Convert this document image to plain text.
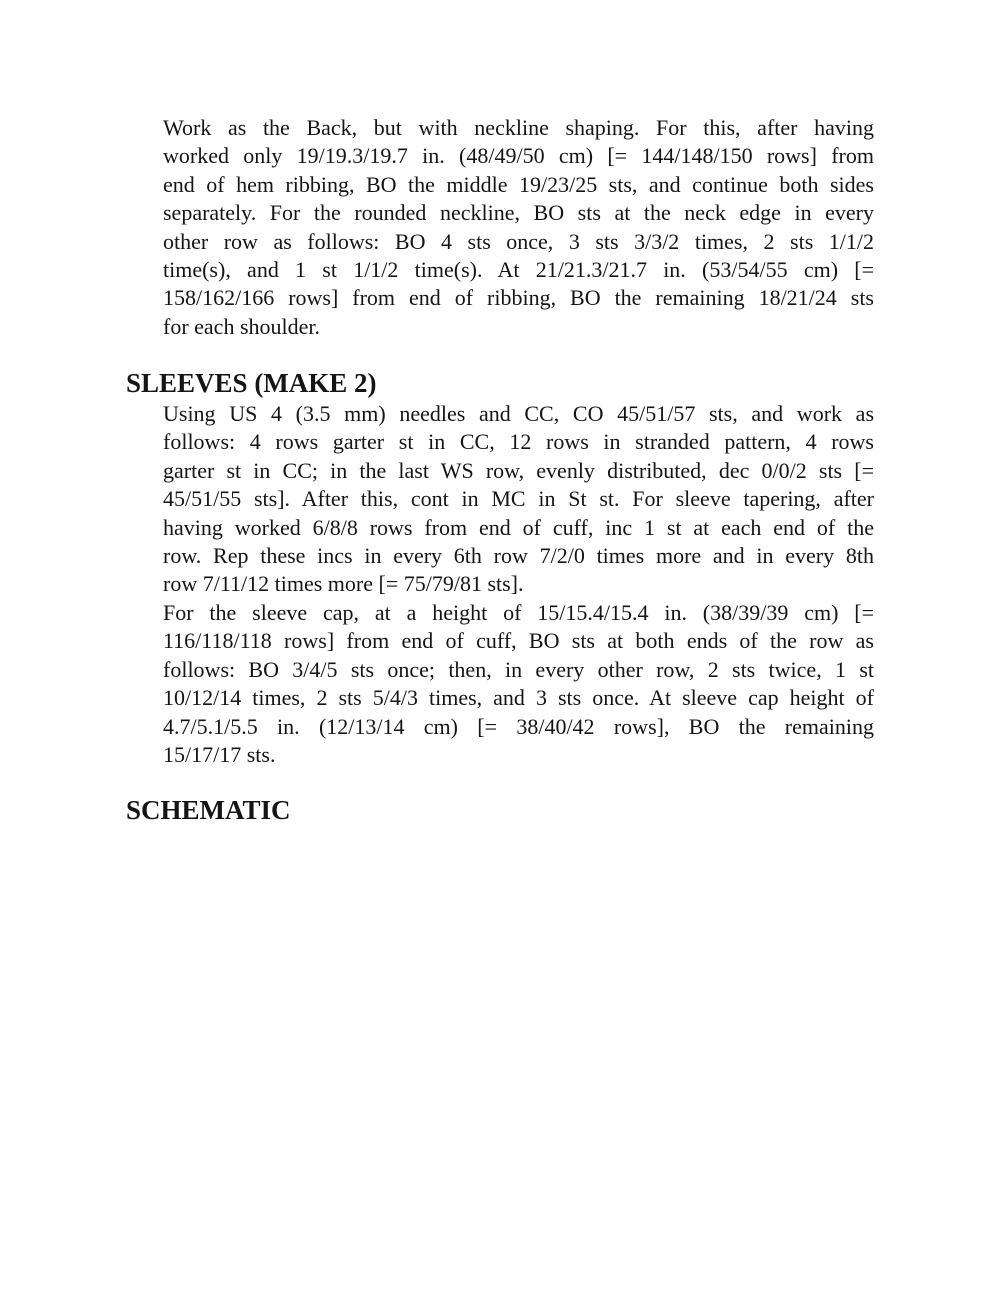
Work as the Back, but with neckline shaping. For this, after having
worked only 19/19.3/19.7 in. (48/49/50 cm) [= 144/148/150 rows] from
end of hem ribbing, BO the middle 19/23/25 sts, and continue both sides
separately. For the rounded neckline, BO sts at the neck edge in every
other row as follows: BO 4 sts once, 3 sts 3/3/2 times, 2 sts 1/1/2
time(s), and 1 st 1/1/2 time(s). At 21/21.3/21.7 in. (53/54/55 cm) [=
158/162/166 rows] from end of ribbing, BO the remaining 18/21/24 sts
for each shoulder.
SLEEVES (MAKE 2)
Using US 4 (3.5 mm) needles and CC, CO 45/51/57 sts, and work as
follows: 4 rows garter st in CC, 12 rows in stranded pattern, 4 rows
garter st in CC; in the last WS row, evenly distributed, dec 0/0/2 sts [=
45/51/55 sts]. After this, cont in MC in St st. For sleeve tapering, after
having worked 6/8/8 rows from end of cuff, inc 1 st at each end of the
row. Rep these incs in every 6th row 7/2/0 times more and in every 8th
row 7/11/12 times more [= 75/79/81 sts].
For the sleeve cap, at a height of 15/15.4/15.4 in. (38/39/39 cm) [=
116/118/118 rows] from end of cuff, BO sts at both ends of the row as
follows: BO 3/4/5 sts once; then, in every other row, 2 sts twice, 1 st
10/12/14 times, 2 sts 5/4/3 times, and 3 sts once. At sleeve cap height of
4.7/5.1/5.5 in. (12/13/14 cm) [= 38/40/42 rows], BO the remaining
15/17/17 sts.
SCHEMATIC
